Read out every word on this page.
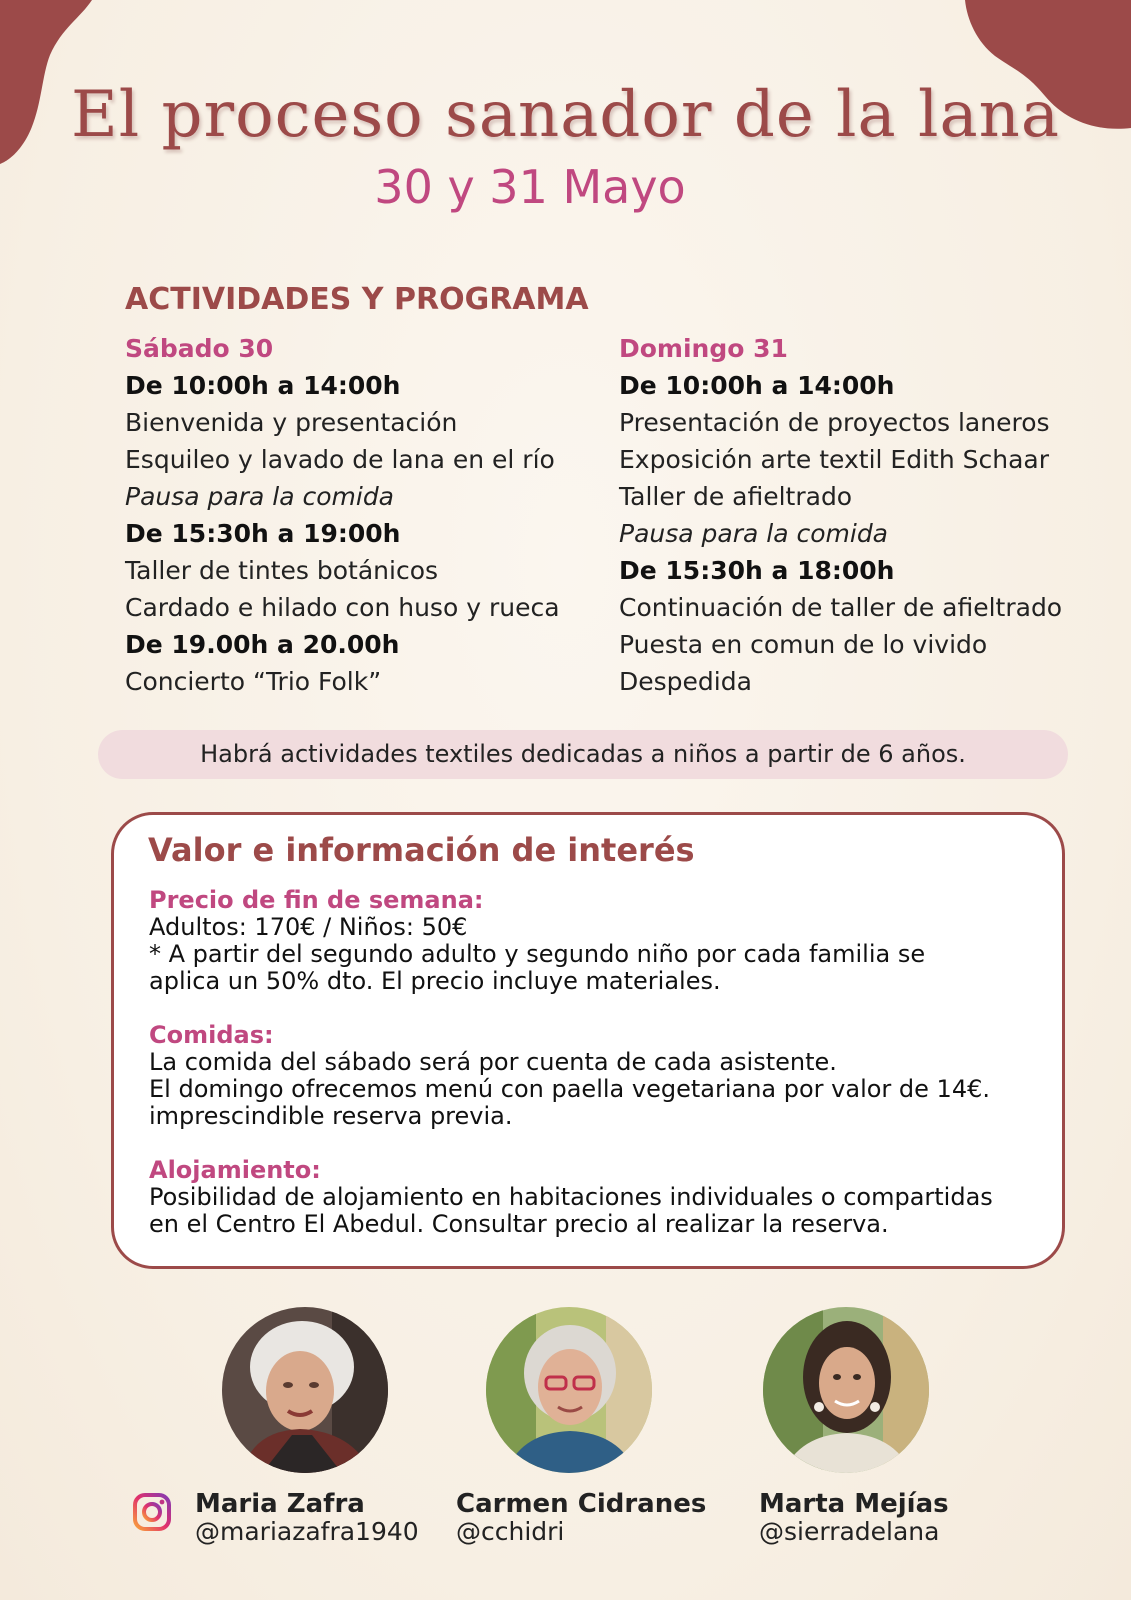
El proceso sanador de la lana
30 y 31 Mayo
ACTIVIDADES Y PROGRAMA
Sábado 30
De 10:00h a 14:00h
Bienvenida y presentación
Esquileo y lavado de lana en el río
Pausa para la comida
De 15:30h a 19:00h
Taller de tintes botánicos
Cardado e hilado con huso y rueca
De 19.00h a 20.00h
Concierto “Trio Folk”
Domingo 31
De 10:00h a 14:00h
Presentación de proyectos laneros
Exposición arte textil Edith Schaar
Taller de afieltrado
Pausa para la comida
De 15:30h a 18:00h
Continuación de taller de afieltrado
Puesta en comun de lo vivido
Despedida
Habrá actividades textiles dedicadas a niños a partir de 6 años.
Valor e información de interés
Precio de fin de semana:
Adultos: 170€ / Niños: 50€
* A partir del segundo adulto y segundo niño por cada familia se
aplica un 50% dto. El precio incluye materiales.
Comidas:
La comida del sábado será por cuenta de cada asistente.
El domingo ofrecemos menú con paella vegetariana por valor de 14€.
imprescindible reserva previa.
Alojamiento:
Posibilidad de alojamiento en habitaciones individuales o compartidas
en el Centro El Abedul. Consultar precio al realizar la reserva.
Maria Zafra
@mariazafra1940
Carmen Cidranes
@cchidri
Marta Mejías
@sierradelana
